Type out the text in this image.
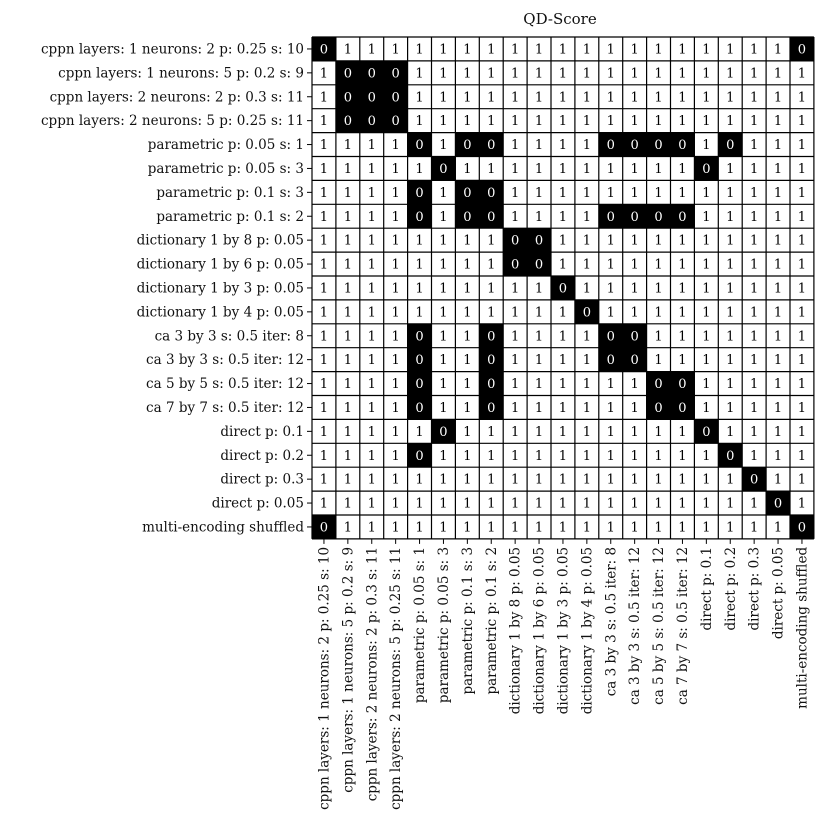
QD-Score
0 1 1 1 1 1 1 1 1 1 1 1 1 1 1 1 1 1 1 1 0
1 0 0 0 1 1 1 1 1 1 1 1 1 1 1 1 1 1 1 1 1
1 0 0 0 1 1 1 1 1 1 1 1 1 1 1 1 1 1 1 1 1
1 0 0 0 1 1 1 1 1 1 1 1 1 1 1 1 1 1 1 1 1
1 1 1 1 0 1 0 0 1 1 1 1 0 0 0 0 1 0 1 1 1
1 1 1 1 1 0 1 1 1 1 1 1 1 1 1 1 0 1 1 1 1
1 1 1 1 0 1 0 0 1 1 1 1 1 1 1 1 1 1 1 1 1
1 1 1 1 0 1 0 0 1 1 1 1 0 0 0 0 1 1 1 1 1
1 1 1 1 1 1 1 1 0 0 1 1 1 1 1 1 1 1 1 1 1
1 1 1 1 1 1 1 1 0 0 1 1 1 1 1 1 1 1 1 1 1
1 1 1 1 1 1 1 1 1 1 0 1 1 1 1 1 1 1 1 1 1
1 1 1 1 1 1 1 1 1 1 1 0 1 1 1 1 1 1 1 1 1
1 1 1 1 0 1 1 0 1 1 1 1 0 0 1 1 1 1 1 1 1
1 1 1 1 0 1 1 0 1 1 1 1 0 0 1 1 1 1 1 1 1
1 1 1 1 0 1 1 0 1 1 1 1 1 1 0 0 1 1 1 1 1
1 1 1 1 0 1 1 0 1 1 1 1 1 1 0 0 1 1 1 1 1
1 1 1 1 1 0 1 1 1 1 1 1 1 1 1 1 0 1 1 1 1
1 1 1 1 0 1 1 1 1 1 1 1 1 1 1 1 1 0 1 1 1
1 1 1 1 1 1 1 1 1 1 1 1 1 1 1 1 1 1 0 1 1
1 1 1 1 1 1 1 1 1 1 1 1 1 1 1 1 1 1 1 0 1
0 1 1 1 1 1 1 1 1 1 1 1 1 1 1 1 1 1 1 1 0
cppn layers: 1 neurons: 2 p: 0.25 s: 10
cppn layers: 1 neurons: 5 p: 0.2 s: 9
cppn layers: 2 neurons: 2 p: 0.3 s: 11
cppn layers: 2 neurons: 5 p: 0.25 s: 11
parametric p: 0.05 s: 1
parametric p: 0.05 s: 3
parametric p: 0.1 s: 3
parametric p: 0.1 s: 2
dictionary 1 by 8 p: 0.05
dictionary 1 by 6 p: 0.05
dictionary 1 by 3 p: 0.05
dictionary 1 by 4 p: 0.05
ca 3 by 3 s: 0.5 iter: 8
ca 3 by 3 s: 0.5 iter: 12
ca 5 by 5 s: 0.5 iter: 12
ca 7 by 7 s: 0.5 iter: 12
direct p: 0.1
direct p: 0.2
direct p: 0.3
direct p: 0.05
multi-encoding shuffled
cppn layers: 1 neurons: 2 p: 0.25 s: 10 cppn layers: 1 neurons: 5 p: 0.2 s: 9 cppn layers: 2 neurons: 2 p: 0.3 s: 11 cppn layers: 2 neurons: 5 p: 0.25 s: 11 parametric p: 0.05 s: 1 parametric p: 0.05 s: 3 parametric p: 0.1 s: 3 parametric p: 0.1 s: 2 dictionary 1 by 8 p: 0.05 dictionary 1 by 6 p: 0.05 dictionary 1 by 3 p: 0.05 dictionary 1 by 4 p: 0.05 ca 3 by 3 s: 0.5 iter: 8 ca 3 by 3 s: 0.5 iter: 12 ca 5 by 5 s: 0.5 iter: 12 ca 7 by 7 s: 0.5 iter: 12 direct p: 0.1 direct p: 0.2 direct p: 0.3 direct p: 0.05 multi-encoding shuffled
